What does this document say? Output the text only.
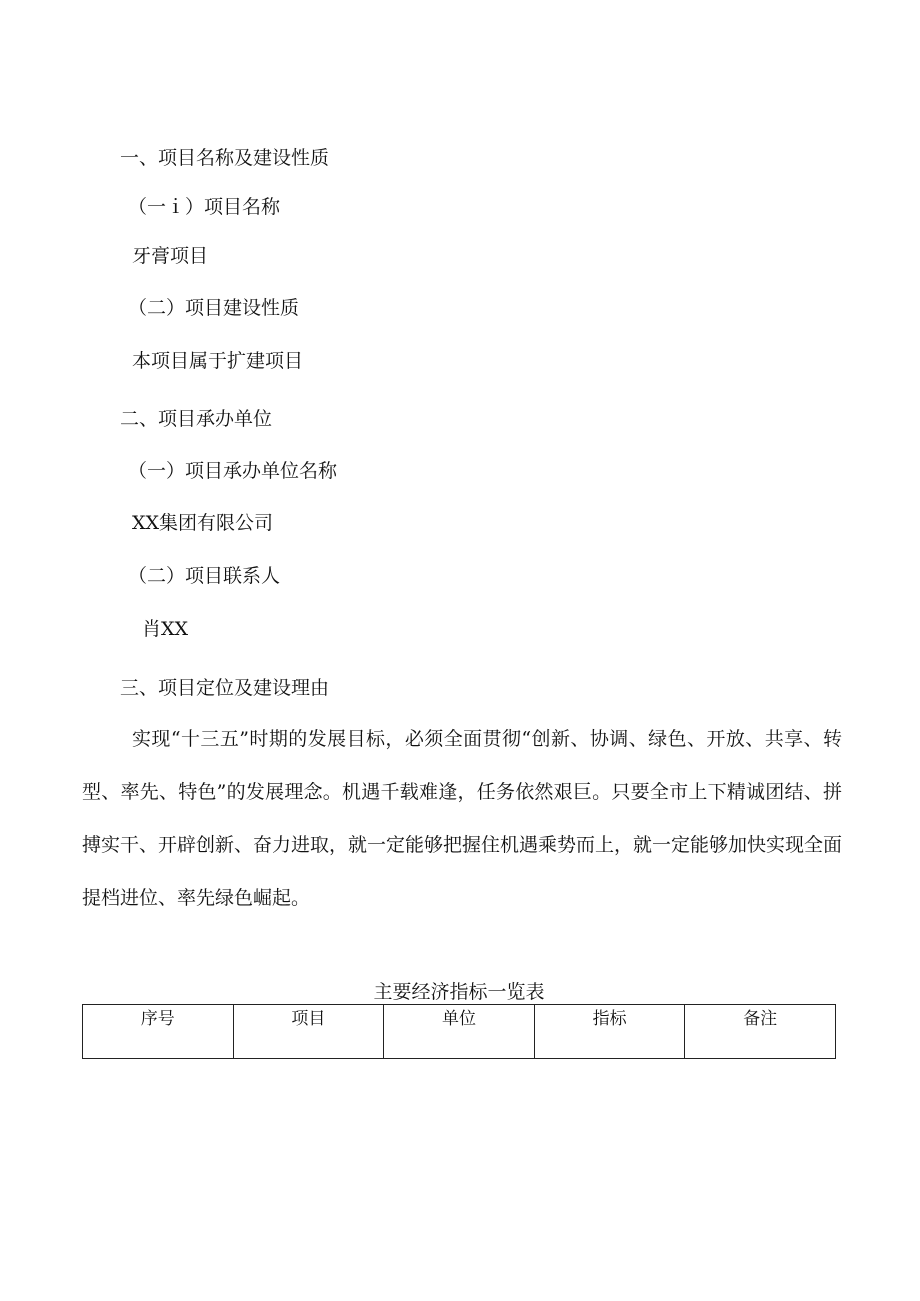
一、项目名称及建设性质

（一ｉ）项目名称

牙膏项目

（二）项目建设性质

本项目属于扩建项目

二、项目承办单位

（一）项目承办单位名称

XX集团有限公司

（二）项目联系人

肖XX

三、项目定位及建设理由

实现“十三五”时期的发展目标，必须全面贯彻“创新、协调、绿色、开放、共享、转型、率先、特色”的发展理念。机遇千载难逢，任务依然艰巨。只要全市上下精诚团结、拼搏实干、开辟创新、奋力进取，就一定能够把握住机遇乘势而上，就一定能够加快实现全面提档进位、率先绿色崛起。

主要经济指标一览表
序号	项目	单位	指标	备注
